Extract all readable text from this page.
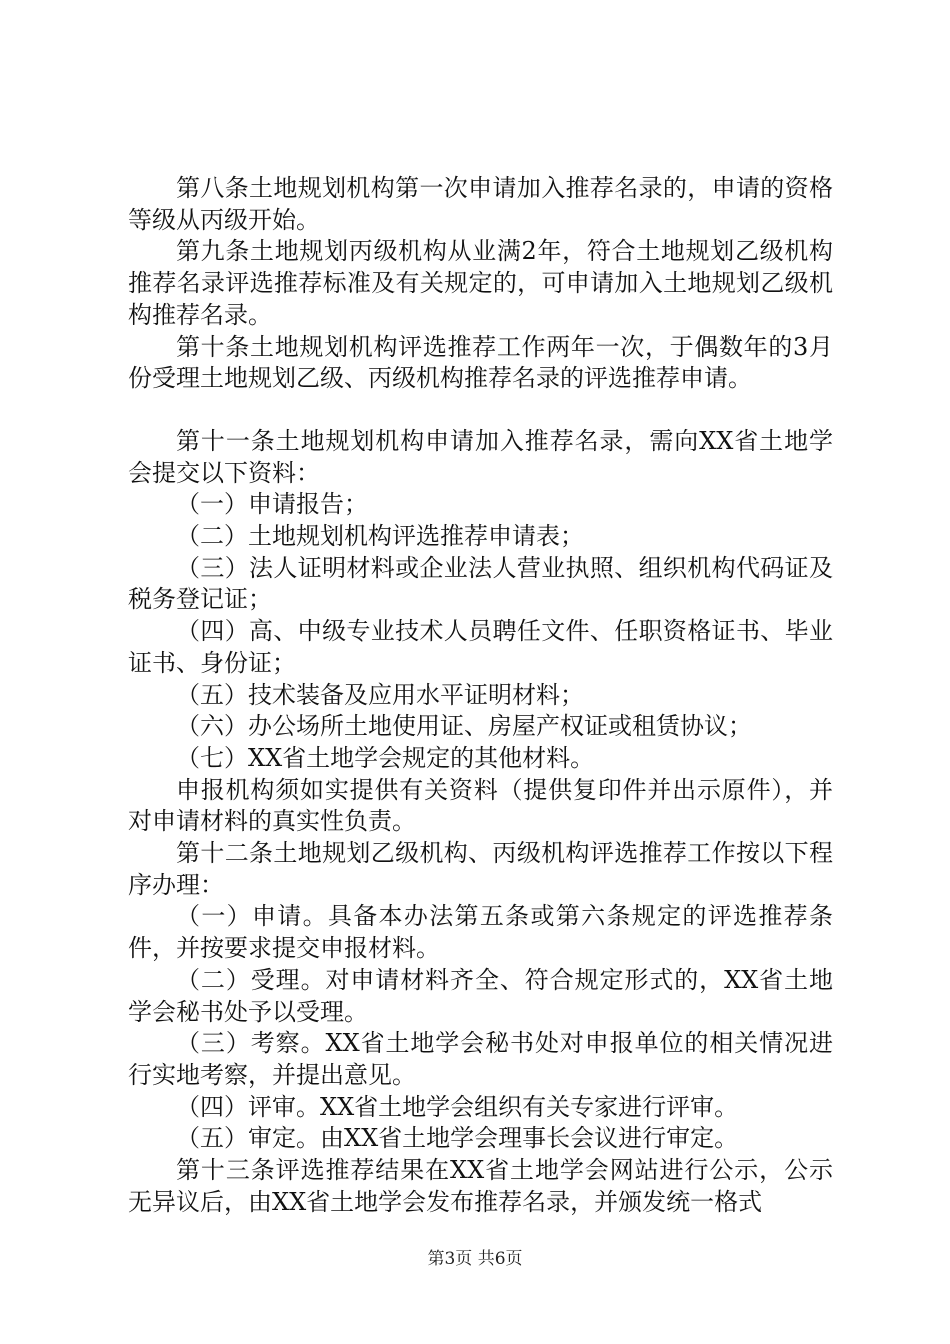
第八条土地规划机构第一次申请加入推荐名录的，申请的资格等级从丙级开始。

第九条土地规划丙级机构从业满2年，符合土地规划乙级机构推荐名录评选推荐标准及有关规定的，可申请加入土地规划乙级机构推荐名录。

第十条土地规划机构评选推荐工作两年一次，于偶数年的3月份受理土地规划乙级、丙级机构推荐名录的评选推荐申请。

第十一条土地规划机构申请加入推荐名录，需向XX省土地学会提交以下资料：

（一）申请报告；

（二）土地规划机构评选推荐申请表；

（三）法人证明材料或企业法人营业执照、组织机构代码证及税务登记证；

（四）高、中级专业技术人员聘任文件、任职资格证书、毕业证书、身份证；

（五）技术装备及应用水平证明材料；

（六）办公场所土地使用证、房屋产权证或租赁协议；

（七）XX省土地学会规定的其他材料。

申报机构须如实提供有关资料（提供复印件并出示原件），并对申请材料的真实性负责。

第十二条土地规划乙级机构、丙级机构评选推荐工作按以下程序办理：

（一）申请。具备本办法第五条或第六条规定的评选推荐条件，并按要求提交申报材料。

（二）受理。对申请材料齐全、符合规定形式的，XX省土地学会秘书处予以受理。

（三）考察。XX省土地学会秘书处对申报单位的相关情况进行实地考察，并提出意见。

（四）评审。XX省土地学会组织有关专家进行评审。

（五）审定。由XX省土地学会理事长会议进行审定。

第十三条评选推荐结果在XX省土地学会网站进行公示，公示无异议后，由XX省土地学会发布推荐名录，并颁发统一格式

第3页 共6页
